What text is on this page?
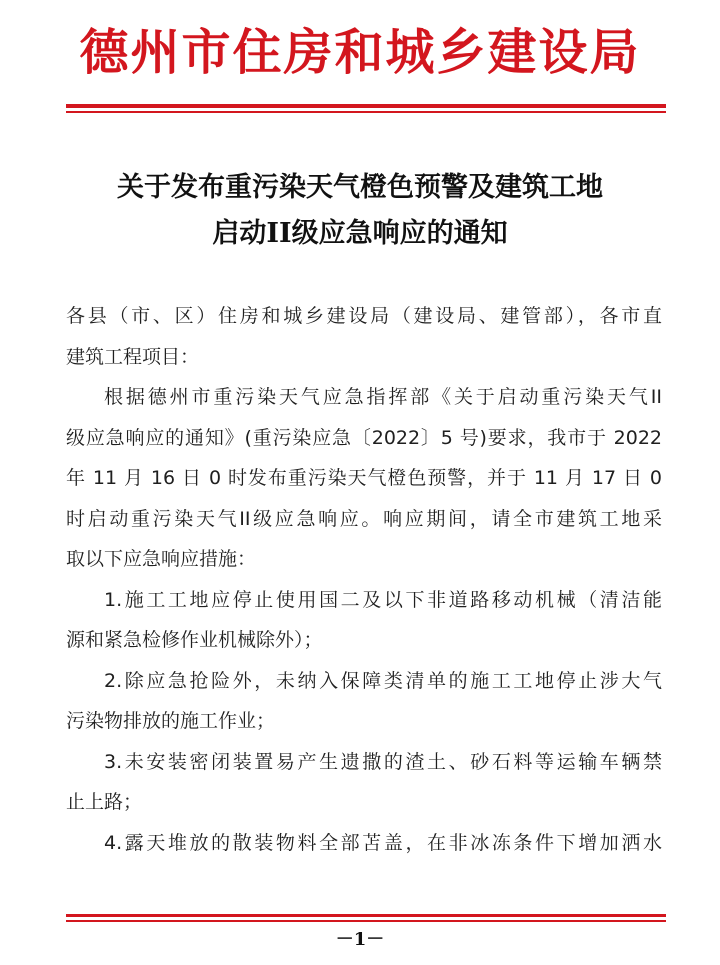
德州市住房和城乡建设局
关于发布重污染天气橙色预警及建筑工地
启动II级应急响应的通知
各县（市、区）住房和城乡建设局（建设局、建管部），各市直
建筑工程项目：
根据德州市重污染天气应急指挥部《关于启动重污染天气II
级应急响应的通知》(重污染应急〔2022〕5 号)要求，我市于 2022
年 11 月 16 日 0 时发布重污染天气橙色预警，并于 11 月 17 日 0
时启动重污染天气II级应急响应。响应期间，请全市建筑工地采
取以下应急响应措施：
1.施工工地应停止使用国二及以下非道路移动机械（清洁能
源和紧急检修作业机械除外）；
2.除应急抢险外，未纳入保障类清单的施工工地停止涉大气
污染物排放的施工作业；
3.未安装密闭装置易产生遗撒的渣土、砂石料等运输车辆禁
止上路；
4.露天堆放的散装物料全部苫盖，在非冰冻条件下增加洒水
－1－
